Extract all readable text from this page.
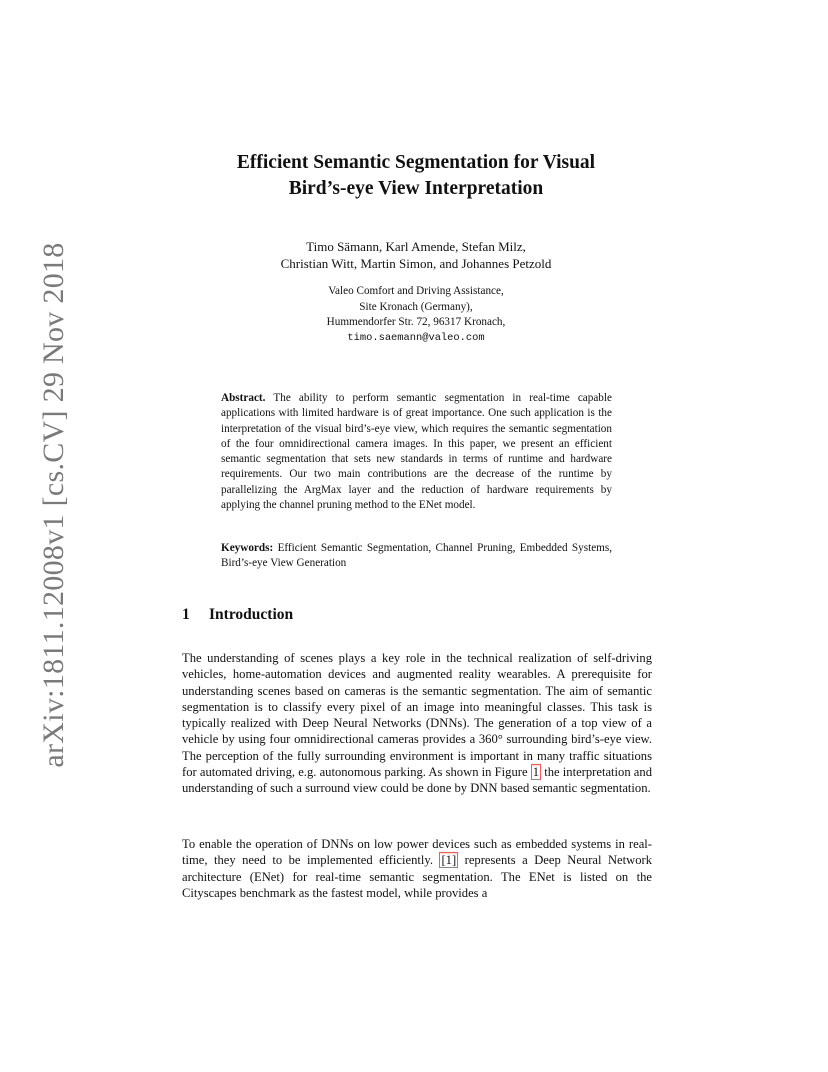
arXiv:1811.12008v1 [cs.CV] 29 Nov 2018
Efficient Semantic Segmentation for Visual
Bird’s-eye View Interpretation
Timo Sämann, Karl Amende, Stefan Milz,
Christian Witt, Martin Simon, and Johannes Petzold
Valeo Comfort and Driving Assistance,
Site Kronach (Germany),
Hummendorfer Str. 72, 96317 Kronach,
timo.saemann@valeo.com
Abstract. The ability to perform semantic segmentation in real-time capable applications with limited hardware is of great importance. One such application is the interpretation of the visual bird’s-eye view, which requires the semantic segmentation of the four omnidirectional camera images. In this paper, we present an efficient semantic segmentation that sets new standards in terms of runtime and hardware requirements. Our two main contributions are the decrease of the runtime by parallelizing the ArgMax layer and the reduction of hardware requirements by applying the channel pruning method to the ENet model.
Keywords: Efficient Semantic Segmentation, Channel Pruning, Embedded Systems, Bird’s-eye View Generation
1 Introduction
The understanding of scenes plays a key role in the technical realization of self-driving vehicles, home-automation devices and augmented reality wearables. A prerequisite for understanding scenes based on cameras is the semantic segmentation. The aim of semantic segmentation is to classify every pixel of an image into meaningful classes. This task is typically realized with Deep Neural Networks (DNNs). The generation of a top view of a vehicle by using four omnidirectional cameras provides a 360° surrounding bird’s-eye view. The perception of the fully surrounding environment is important in many traffic situations for automated driving, e.g. autonomous parking. As shown in Figure 1 the interpretation and understanding of such a surround view could be done by DNN based semantic segmentation.
To enable the operation of DNNs on low power devices such as embedded systems in real-time, they need to be implemented efficiently. [1] represents a Deep Neural Network architecture (ENet) for real-time semantic segmentation. The ENet is listed on the Cityscapes benchmark as the fastest model, while provides a
